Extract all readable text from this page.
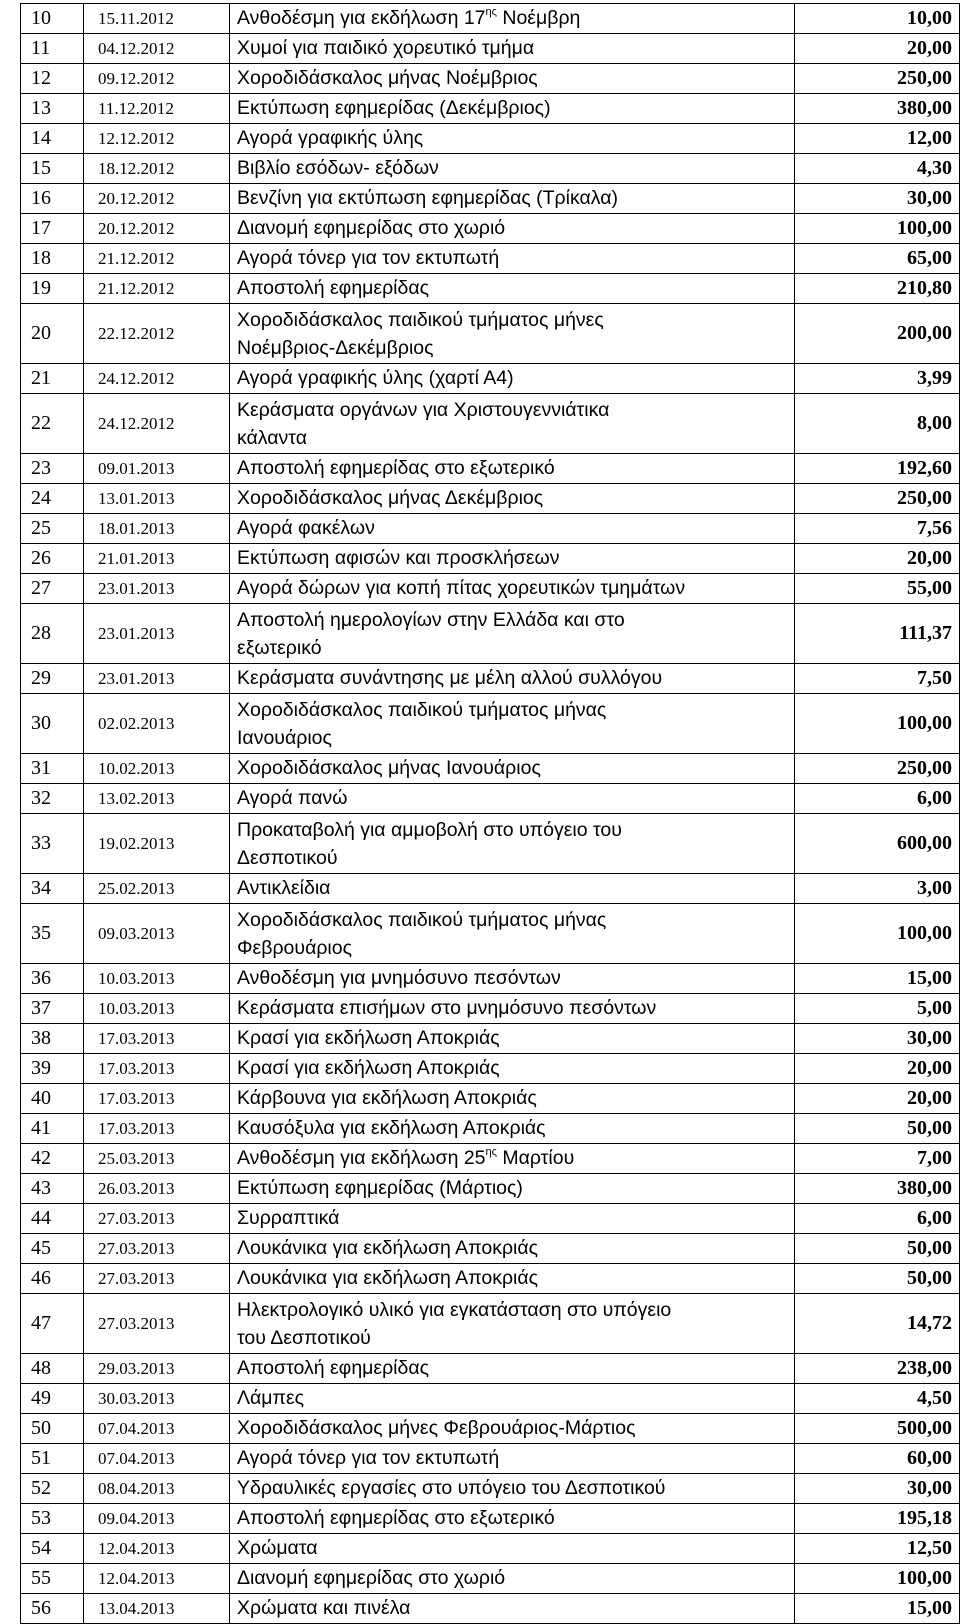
10	15.11.2012	Ανθοδέσμη για εκδήλωση $17^{\eta\varsigma}$ Νοέμβρη	10,00
11	04.12.2012	Χυμοί για παιδικό χορευτικό τμήμα	20,00
12	09.12.2012	Χοροδιδάσκαλος μήνας Νοέμβριος	250,00
13	11.12.2012	Εκτύπωση εφημερίδας (Δεκέμβριος)	380,00
14	12.12.2012	Αγορά γραφικής ύλης	12,00
15	18.12.2012	Βιβλίο εσόδων- εξόδων	4,30
16	20.12.2012	Βενζίνη για εκτύπωση εφημερίδας (Τρίκαλα)	30,00
17	20.12.2012	Διανομή εφημερίδας στο χωριό	100,00
18	21.12.2012	Αγορά τόνερ για τον εκτυπωτή	65,00
19	21.12.2012	Αποστολή εφημερίδας	210,80
20	22.12.2012	Χοροδιδάσκαλος παιδικού τμήματος μήνες
Νοέμβριος-Δεκέμβριος	200,00
21	24.12.2012	Αγορά γραφικής ύλης (χαρτί Α4)	3,99
22	24.12.2012	Κεράσματα οργάνων για Χριστουγεννιάτικα
κάλαντα	8,00
23	09.01.2013	Αποστολή εφημερίδας στο εξωτερικό	192,60
24	13.01.2013	Χοροδιδάσκαλος μήνας Δεκέμβριος	250,00
25	18.01.2013	Αγορά φακέλων	7,56
26	21.01.2013	Εκτύπωση αφισών και προσκλήσεων	20,00
27	23.01.2013	Αγορά δώρων για κοπή πίτας χορευτικών τμημάτων	55,00
28	23.01.2013	Αποστολή ημερολογίων στην Ελλάδα και στο
εξωτερικό	111,37
29	23.01.2013	Κεράσματα συνάντησης με μέλη αλλού συλλόγου	7,50
30	02.02.2013	Χοροδιδάσκαλος παιδικού τμήματος μήνας
Ιανουάριος	100,00
31	10.02.2013	Χοροδιδάσκαλος μήνας Ιανουάριος	250,00
32	13.02.2013	Αγορά πανώ	6,00
33	19.02.2013	Προκαταβολή για αμμοβολή στο υπόγειο του
Δεσποτικού	600,00
34	25.02.2013	Αντικλείδια	3,00
35	09.03.2013	Χοροδιδάσκαλος παιδικού τμήματος μήνας
Φεβρουάριος	100,00
36	10.03.2013	Ανθοδέσμη για μνημόσυνο πεσόντων	15,00
37	10.03.2013	Κεράσματα επισήμων στο μνημόσυνο πεσόντων	5,00
38	17.03.2013	Κρασί για εκδήλωση Αποκριάς	30,00
39	17.03.2013	Κρασί για εκδήλωση Αποκριάς	20,00
40	17.03.2013	Κάρβουνα για εκδήλωση Αποκριάς	20,00
41	17.03.2013	Καυσόξυλα για εκδήλωση Αποκριάς	50,00
42	25.03.2013	Ανθοδέσμη για εκδήλωση $25^{\eta\varsigma}$ Μαρτίου	7,00
43	26.03.2013	Εκτύπωση εφημερίδας (Μάρτιος)	380,00
44	27.03.2013	Συρραπτικά	6,00
45	27.03.2013	Λουκάνικα για εκδήλωση Αποκριάς	50,00
46	27.03.2013	Λουκάνικα για εκδήλωση Αποκριάς	50,00
47	27.03.2013	Ηλεκτρολογικό υλικό για εγκατάσταση στο υπόγειο
του Δεσποτικού	14,72
48	29.03.2013	Αποστολή εφημερίδας	238,00
49	30.03.2013	Λάμπες	4,50
50	07.04.2013	Χοροδιδάσκαλος μήνες Φεβρουάριος-Μάρτιος	500,00
51	07.04.2013	Αγορά τόνερ για τον εκτυπωτή	60,00
52	08.04.2013	Υδραυλικές εργασίες στο υπόγειο του Δεσποτικού	30,00
53	09.04.2013	Αποστολή εφημερίδας στο εξωτερικό	195,18
54	12.04.2013	Χρώματα	12,50
55	12.04.2013	Διανομή εφημερίδας στο χωριό	100,00
56	13.04.2013	Χρώματα και πινέλα	15,00
